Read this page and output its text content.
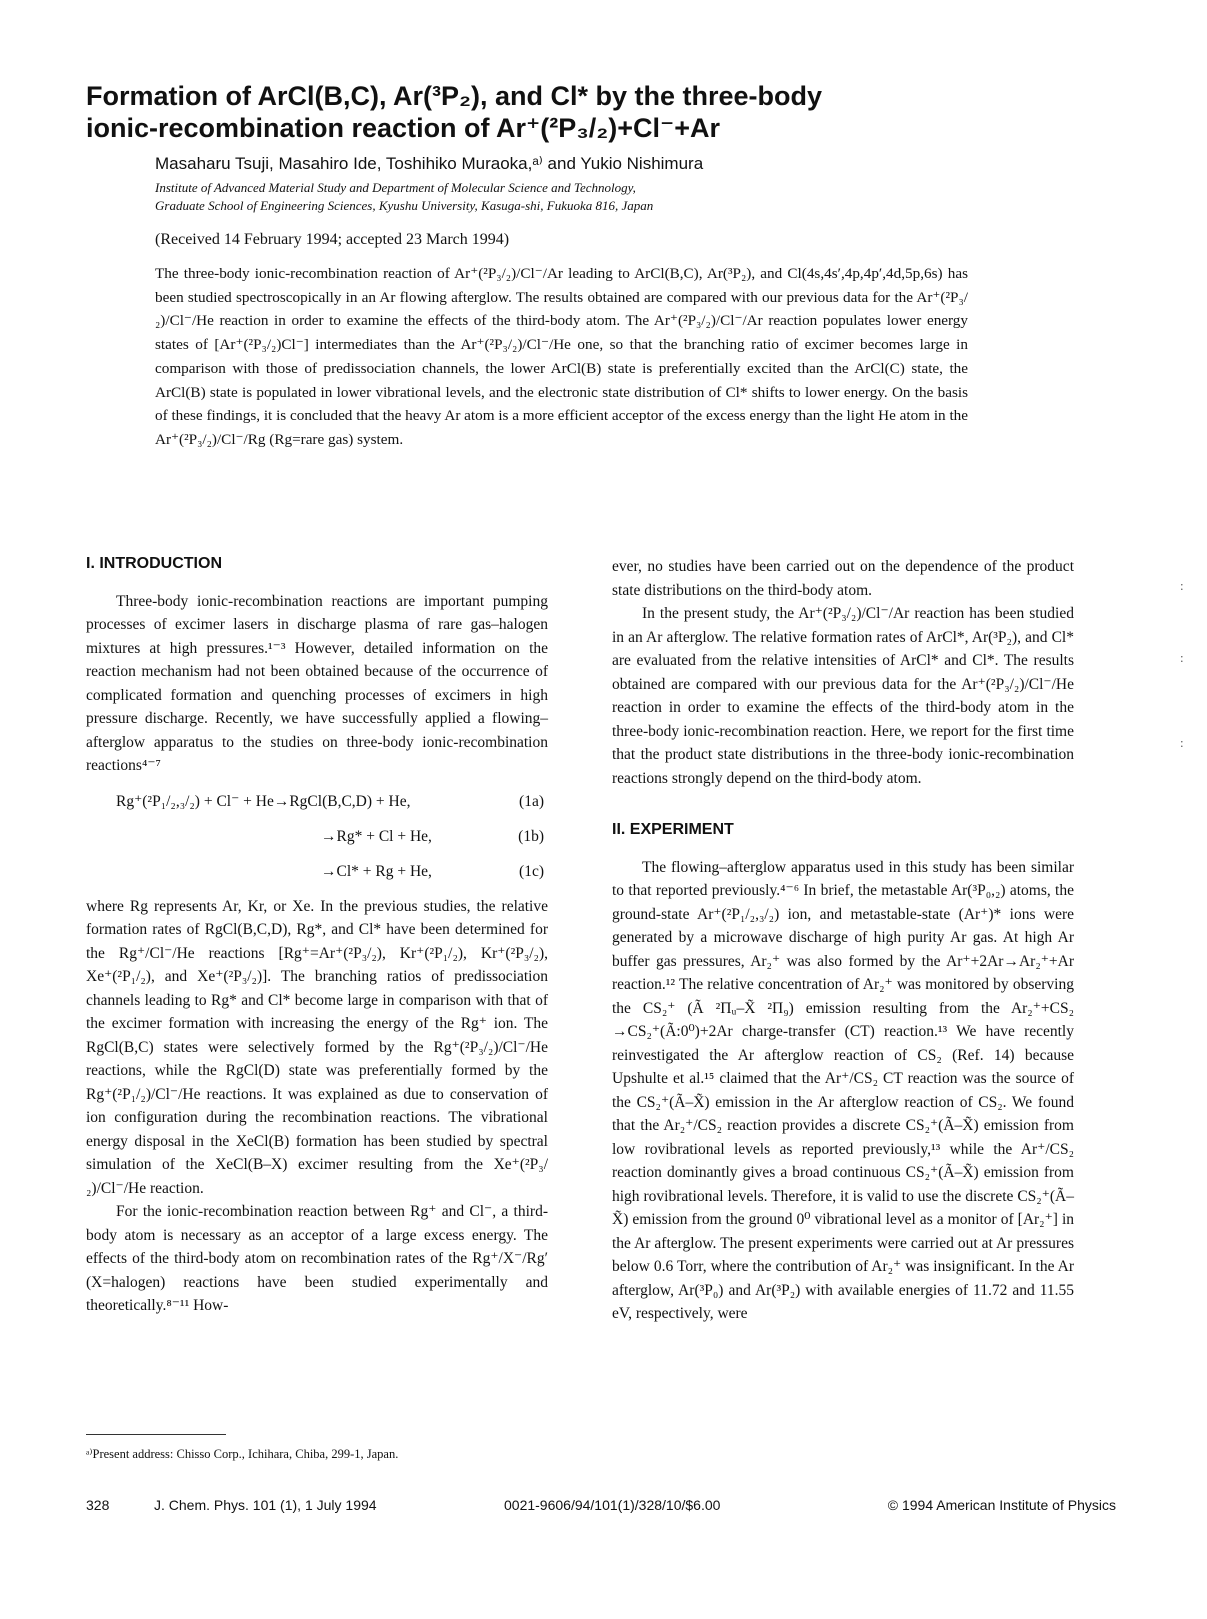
Formation of ArCl(B,C), Ar(³P₂), and Cl* by the three-body
ionic-recombination reaction of Ar⁺(²P₃/₂)+Cl⁻+Ar
Masaharu Tsuji, Masahiro Ide, Toshihiko Muraoka,ᵃ⁾ and Yukio Nishimura
Institute of Advanced Material Study and Department of Molecular Science and Technology,
Graduate School of Engineering Sciences, Kyushu University, Kasuga-shi, Fukuoka 816, Japan
(Received 14 February 1994; accepted 23 March 1994)

The three-body ionic-recombination reaction of Ar⁺(²P₃/₂)/Cl⁻/Ar leading to ArCl(B,C), Ar(³P₂), and Cl(4s,4s′,4p,4p′,4d,5p,6s) has been studied spectroscopically in an Ar flowing afterglow. The results obtained are compared with our previous data for the Ar⁺(²P₃/₂)/Cl⁻/He reaction in order to examine the effects of the third-body atom. The Ar⁺(²P₃/₂)/Cl⁻/Ar reaction populates lower energy states of [Ar⁺(²P₃/₂)Cl⁻] intermediates than the Ar⁺(²P₃/₂)/Cl⁻/He one, so that the branching ratio of excimer becomes large in comparison with those of predissociation channels, the lower ArCl(B) state is preferentially excited than the ArCl(C) state, the ArCl(B) state is populated in lower vibrational levels, and the electronic state distribution of Cl* shifts to lower energy. On the basis of these findings, it is concluded that the heavy Ar atom is a more efficient acceptor of the excess energy than the light He atom in the Ar⁺(²P₃/₂)/Cl⁻/Rg (Rg=rare gas) system.

I. INTRODUCTION

Three-body ionic-recombination reactions are important pumping processes of excimer lasers in discharge plasma of rare gas–halogen mixtures at high pressures.¹⁻³ However, detailed information on the reaction mechanism had not been obtained because of the occurrence of complicated formation and quenching processes of excimers in high pressure discharge. Recently, we have successfully applied a flowing–afterglow apparatus to the studies on three-body ionic-recombination reactions⁴⁻⁷

Rg⁺(²P₁/₂,₃/₂) + Cl⁻ + He→RgCl(B,C,D) + He,	(1a)
→Rg* + Cl + He,	(1b)
→Cl* + Rg + He,	(1c)

where Rg represents Ar, Kr, or Xe. In the previous studies, the relative formation rates of RgCl(B,C,D), Rg*, and Cl* have been determined for the Rg⁺/Cl⁻/He reactions [Rg⁺=Ar⁺(²P₃/₂), Kr⁺(²P₁/₂), Kr⁺(²P₃/₂), Xe⁺(²P₁/₂), and Xe⁺(²P₃/₂)]. The branching ratios of predissociation channels leading to Rg* and Cl* become large in comparison with that of the excimer formation with increasing the energy of the Rg⁺ ion. The RgCl(B,C) states were selectively formed by the Rg⁺(²P₃/₂)/Cl⁻/He reactions, while the RgCl(D) state was preferentially formed by the Rg⁺(²P₁/₂)/Cl⁻/He reactions. It was explained as due to conservation of ion configuration during the recombination reactions. The vibrational energy disposal in the XeCl(B) formation has been studied by spectral simulation of the XeCl(B–X) excimer resulting from the Xe⁺(²P₃/₂)/Cl⁻/He reaction.

For the ionic-recombination reaction between Rg⁺ and Cl⁻, a third-body atom is necessary as an acceptor of a large excess energy. The effects of the third-body atom on recombination rates of the Rg⁺/X⁻/Rg′ (X=halogen) reactions have been studied experimentally and theoretically.⁸⁻¹¹ How-

ever, no studies have been carried out on the dependence of the product state distributions on the third-body atom.

In the present study, the Ar⁺(²P₃/₂)/Cl⁻/Ar reaction has been studied in an Ar afterglow. The relative formation rates of ArCl*, Ar(³P₂), and Cl* are evaluated from the relative intensities of ArCl* and Cl*. The results obtained are compared with our previous data for the Ar⁺(²P₃/₂)/Cl⁻/He reaction in order to examine the effects of the third-body atom in the three-body ionic-recombination reaction. Here, we report for the first time that the product state distributions in the three-body ionic-recombination reactions strongly depend on the third-body atom.

II. EXPERIMENT

The flowing–afterglow apparatus used in this study has been similar to that reported previously.⁴⁻⁶ In brief, the metastable Ar(³P₀,₂) atoms, the ground-state Ar⁺(²P₁/₂,₃/₂) ion, and metastable-state (Ar⁺)* ions were generated by a microwave discharge of high purity Ar gas. At high Ar buffer gas pressures, Ar₂⁺ was also formed by the Ar⁺+2Ar→Ar₂⁺+Ar reaction.¹² The relative concentration of Ar₂⁺ was monitored by observing the CS₂⁺ (Ã ²Πᵤ–X̃ ²Π₉) emission resulting from the Ar₂⁺+CS₂ →CS₂⁺(Ã:0⁰)+2Ar charge-transfer (CT) reaction.¹³ We have recently reinvestigated the Ar afterglow reaction of CS₂ (Ref. 14) because Upshulte et al.¹⁵ claimed that the Ar⁺/CS₂ CT reaction was the source of the CS₂⁺(Ã–X̃) emission in the Ar afterglow reaction of CS₂. We found that the Ar₂⁺/CS₂ reaction provides a discrete CS₂⁺(Ã–X̃) emission from low rovibrational levels as reported previously,¹³ while the Ar⁺/CS₂ reaction dominantly gives a broad continuous CS₂⁺(Ã–X̃) emission from high rovibrational levels. Therefore, it is valid to use the discrete CS₂⁺(Ã–X̃) emission from the ground 0⁰ vibrational level as a monitor of [Ar₂⁺] in the Ar afterglow. The present experiments were carried out at Ar pressures below 0.6 Torr, where the contribution of Ar₂⁺ was insignificant. In the Ar afterglow, Ar(³P₀) and Ar(³P₂) with available energies of 11.72 and 11.55 eV, respectively, were

ᵃ⁾Present address: Chisso Corp., Ichihara, Chiba, 299-1, Japan.
328	J. Chem. Phys. 101 (1), 1 July 1994	0021-9606/94/101(1)/328/10/$6.00	© 1994 American Institute of Physics
:
:
:
